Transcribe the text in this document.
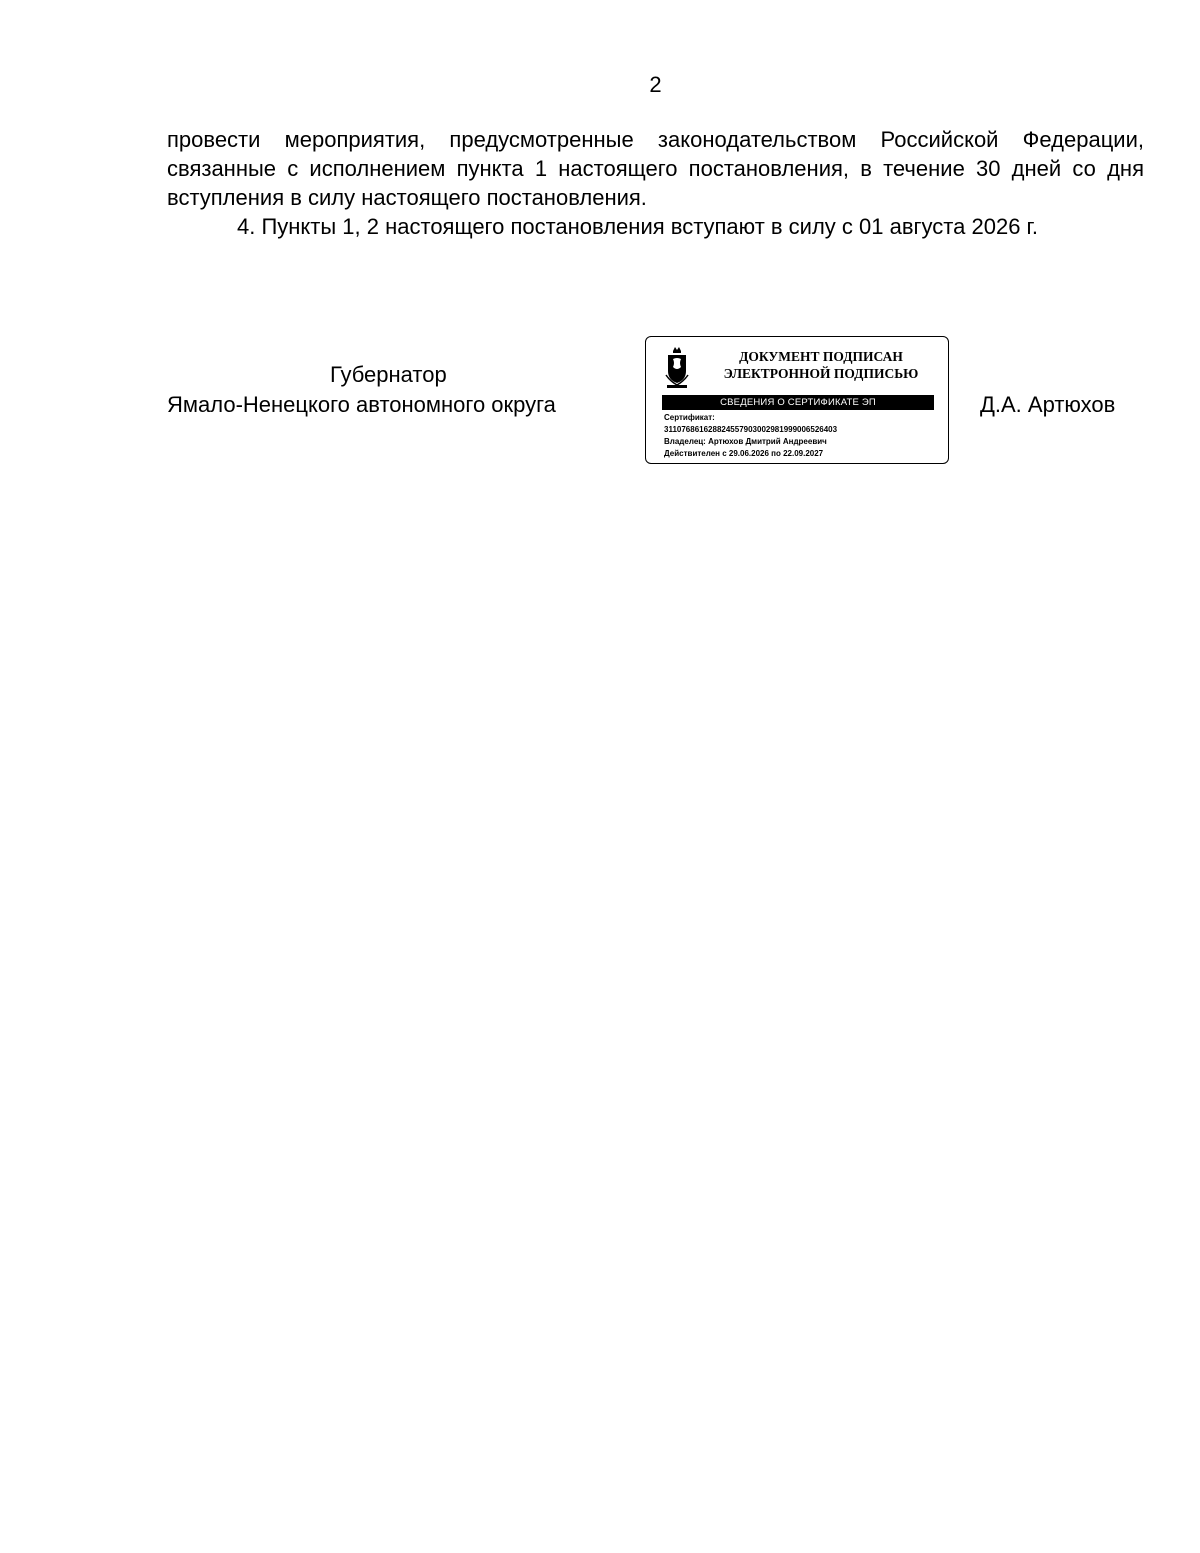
2

провести мероприятия, предусмотренные законодательством Российской Федерации, связанные с исполнением пункта 1 настоящего постановления, в течение 30 дней со дня вступления в силу настоящего постановления.

4. Пункты 1, 2 настоящего постановления вступают в силу с 01 августа 2026 г.

Губернатор
Ямало-Ненецкого автономного округа
ДОКУМЕНТ ПОДПИСАН
ЭЛЕКТРОННОЙ ПОДПИСЬЮ
СВЕДЕНИЯ О СЕРТИФИКАТЕ ЭП
Сертификат:
311076861628824557903002981999006526403
Владелец: Артюхов Дмитрий Андреевич
Действителен с 29.06.2026 по 22.09.2027
Д.А. Артюхов
